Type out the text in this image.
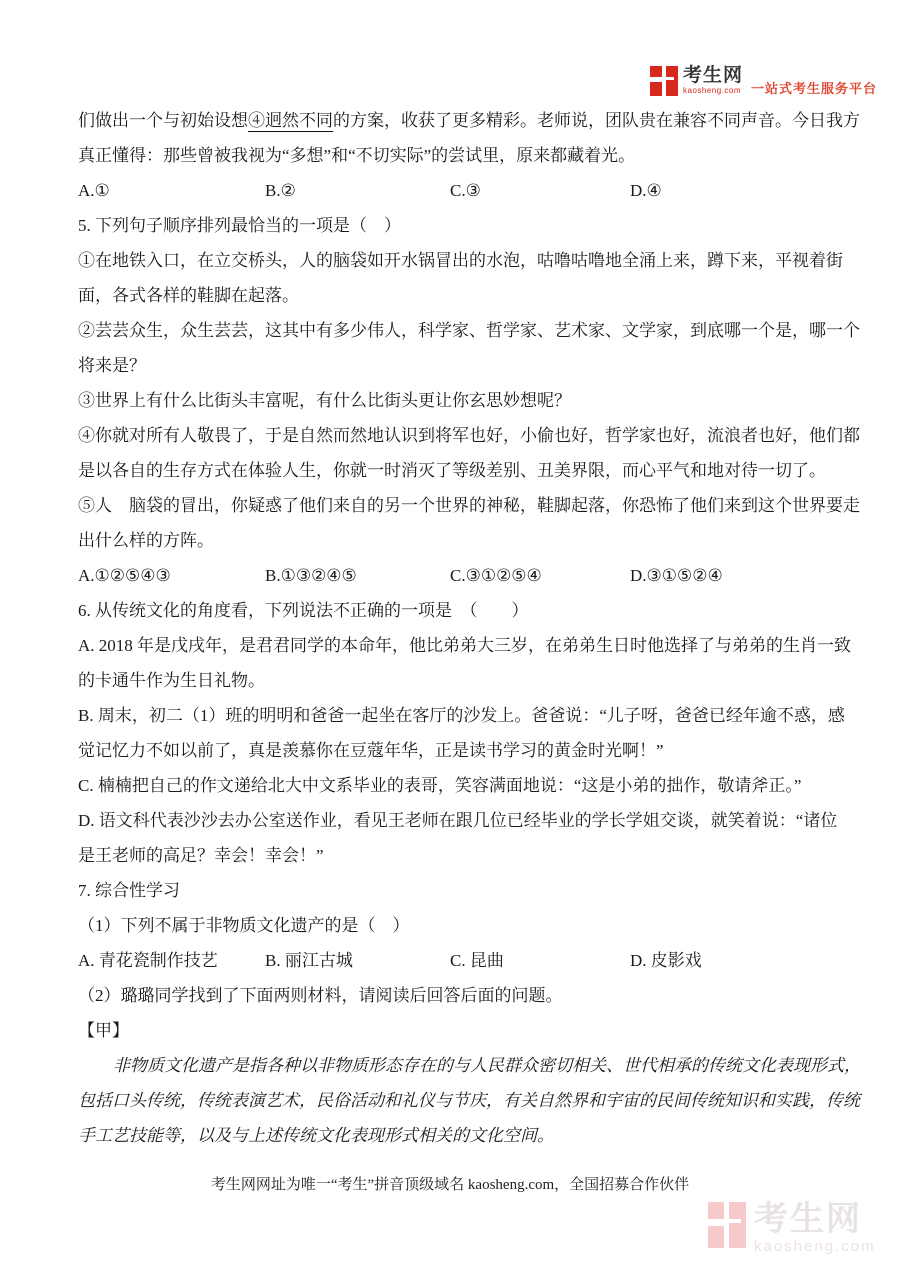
考生网
kaosheng.com 一站式考生服务平台
们做出一个与初始设想④迥然不同的方案，收获了更多精彩。老师说，团队贵在兼容不同声音。今日我方
真正懂得：那些曾被我视为“多想”和“不切实际”的尝试里，原来都藏着光。
A.①	B.②	C.③	D.④
5. 下列句子顺序排列最恰当的一项是（　）
①在地铁入口，在立交桥头，人的脑袋如开水锅冒出的水泡，咕噜咕噜地全涌上来，蹲下来，平视着街
面，各式各样的鞋脚在起落。
②芸芸众生，众生芸芸，这其中有多少伟人，科学家、哲学家、艺术家、文学家，到底哪一个是，哪一个
将来是？
③世界上有什么比街头丰富呢，有什么比街头更让你玄思妙想呢？
④你就对所有人敬畏了，于是自然而然地认识到将军也好，小偷也好，哲学家也好，流浪者也好，他们都
是以各自的生存方式在体验人生，你就一时消灭了等级差别、丑美界限，而心平气和地对待一切了。
⑤人　脑袋的冒出，你疑惑了他们来自的另一个世界的神秘，鞋脚起落，你恐怖了他们来到这个世界要走
出什么样的方阵。
A.①②⑤④③	B.①③②④⑤	C.③①②⑤④	D.③①⑤②④
6. 从传统文化的角度看，下列说法不正确的一项是　（　　）
A. 2018 年是戊戌年，是君君同学的本命年，他比弟弟大三岁，在弟弟生日时他选择了与弟弟的生肖一致
的卡通牛作为生日礼物。
B. 周末，初二（1）班的明明和爸爸一起坐在客厅的沙发上。爸爸说：“儿子呀，爸爸已经年逾不惑，感
觉记忆力不如以前了，真是羡慕你在豆蔻年华，正是读书学习的黄金时光啊！”
C. 楠楠把自己的作文递给北大中文系毕业的表哥，笑容满面地说：“这是小弟的拙作，敬请斧正。”
D. 语文科代表沙沙去办公室送作业，看见王老师在跟几位已经毕业的学长学姐交谈，就笑着说：“诸位
是王老师的高足？幸会！幸会！”
7. 综合性学习
（1）下列不属于非物质文化遗产的是（　）
A. 青花瓷制作技艺	B. 丽江古城	C. 昆曲	D. 皮影戏
（2）璐璐同学找到了下面两则材料，请阅读后回答后面的问题。
【甲】
非物质文化遗产是指各种以非物质形态存在的与人民群众密切相关、世代相承的传统文化表现形式，
包括口头传统，传统表演艺术，民俗活动和礼仪与节庆，有关自然界和宇宙的民间传统知识和实践，传统
手工艺技能等，以及与上述传统文化表现形式相关的文化空间。
考生网网址为唯一“考生”拼音顶级域名 kaosheng.com，全国招募合作伙伴
考生网
kaosheng.com
